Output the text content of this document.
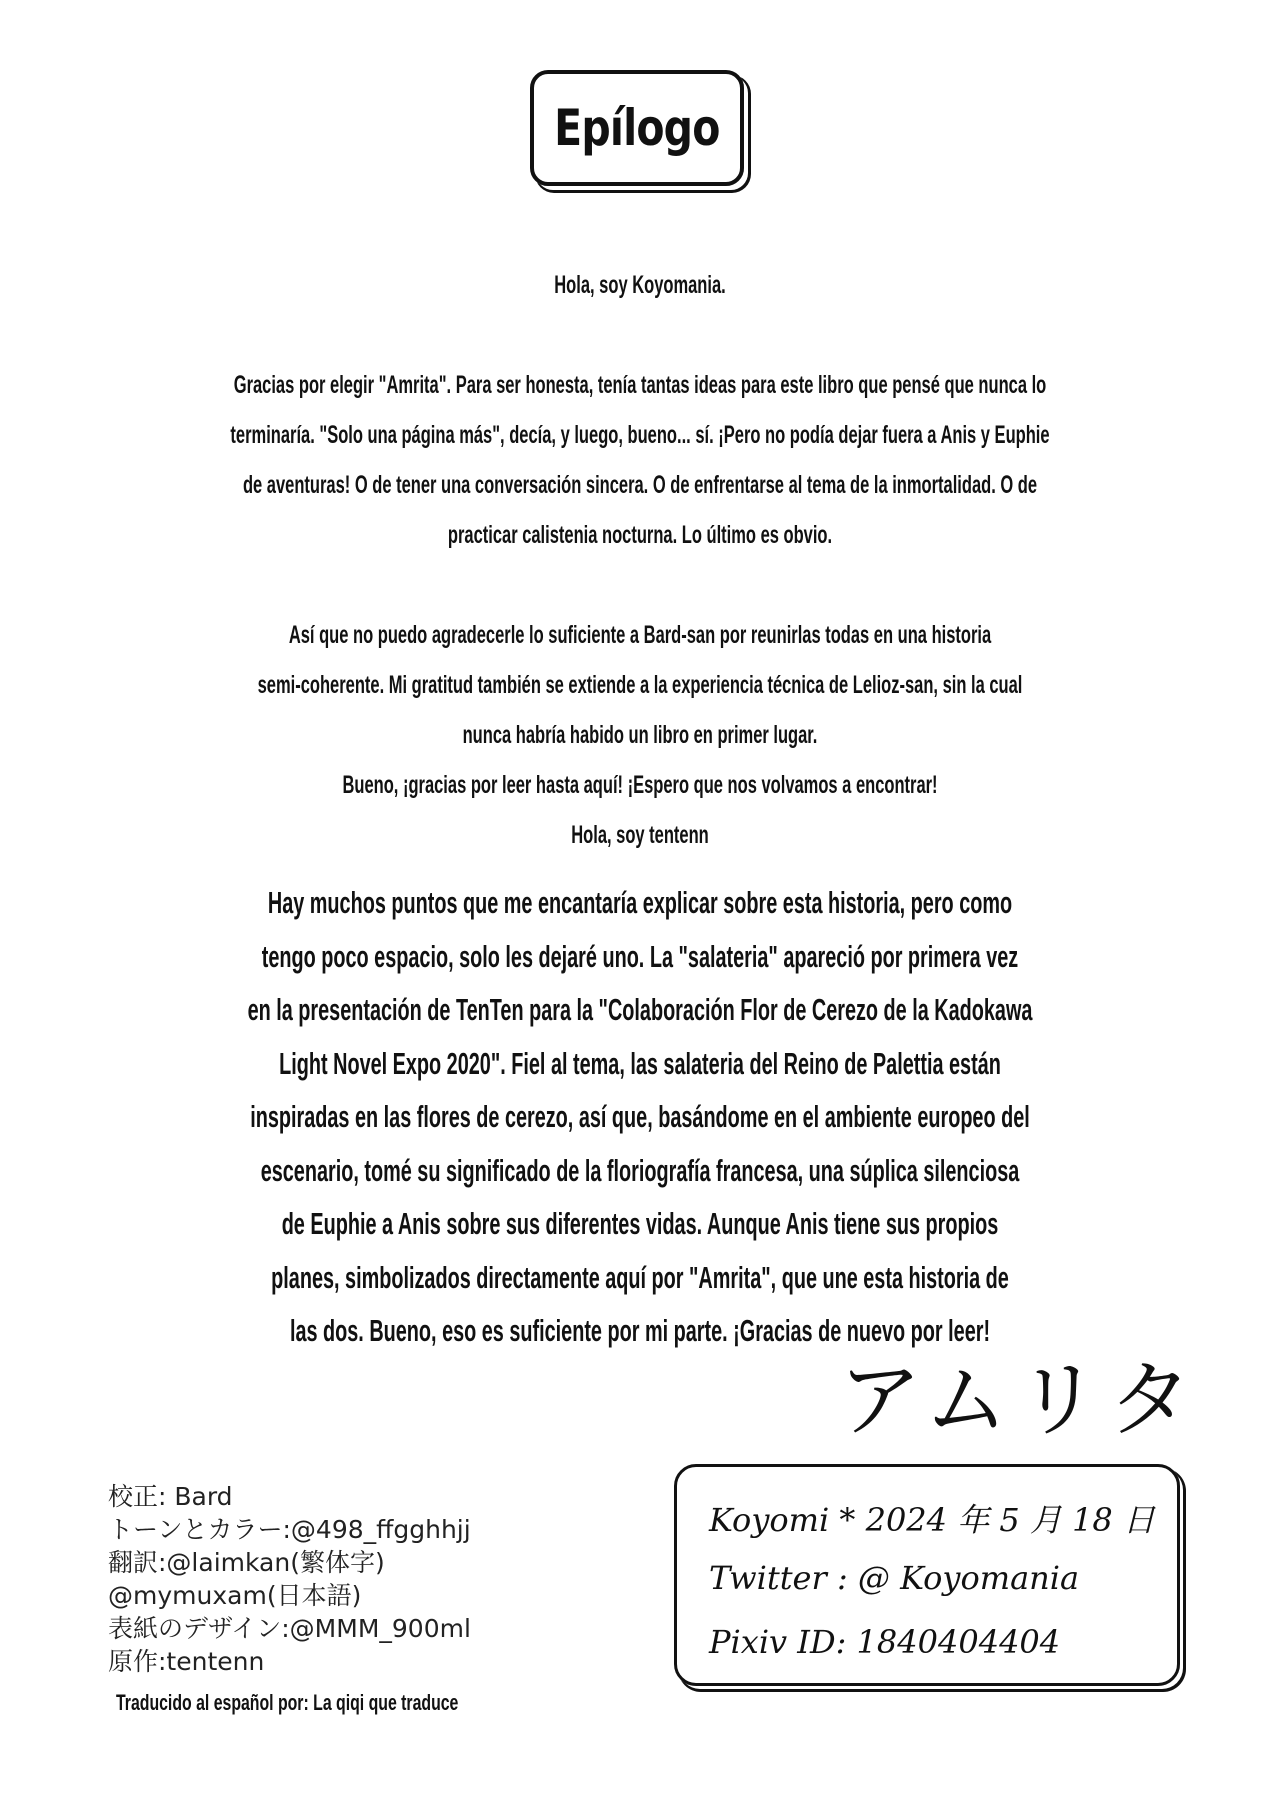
Epílogo
Hola, soy Koyomania.

Gracias por elegir "Amrita". Para ser honesta, tenía tantas ideas para este libro que pensé que nunca lo
terminaría. "Solo una página más", decía, y luego, bueno... sí. ¡Pero no podía dejar fuera a Anis y Euphie
de aventuras! O de tener una conversación sincera. O de enfrentarse al tema de la inmortalidad. O de
practicar calistenia nocturna. Lo último es obvio.

Así que no puedo agradecerle lo suficiente a Bard-san por reunirlas todas en una historia
semi-coherente. Mi gratitud también se extiende a la experiencia técnica de Lelioz-san, sin la cual
nunca habría habido un libro en primer lugar.
Bueno, ¡gracias por leer hasta aquí! ¡Espero que nos volvamos a encontrar!
Hola, soy tentenn
Hay muchos puntos que me encantaría explicar sobre esta historia, pero como
tengo poco espacio, solo les dejaré uno. La "salateria" apareció por primera vez
en la presentación de TenTen para la "Colaboración Flor de Cerezo de la Kadokawa
Light Novel Expo 2020". Fiel al tema, las salateria del Reino de Palettia están
inspiradas en las flores de cerezo, así que, basándome en el ambiente europeo del
escenario, tomé su significado de la floriografía francesa, una súplica silenciosa
de Euphie a Anis sobre sus diferentes vidas. Aunque Anis tiene sus propios
planes, simbolizados directamente aquí por "Amrita", que une esta historia de
las dos. Bueno, eso es suficiente por mi parte. ¡Gracias de nuevo por leer!
アムリタ
校正: Bard
トーンとカラー:@498_ffgghhjj
翻訳:@laimkan(繁体字)
@mymuxam(日本語)
表紙のデザイン:@MMM_900ml
原作:tentenn
Traducido al español por: La qiqi que traduce
Koyomi * 2024 年 5 月 18 日
Twitter : @ Koyomania
Pixiv ID: 1840404404
